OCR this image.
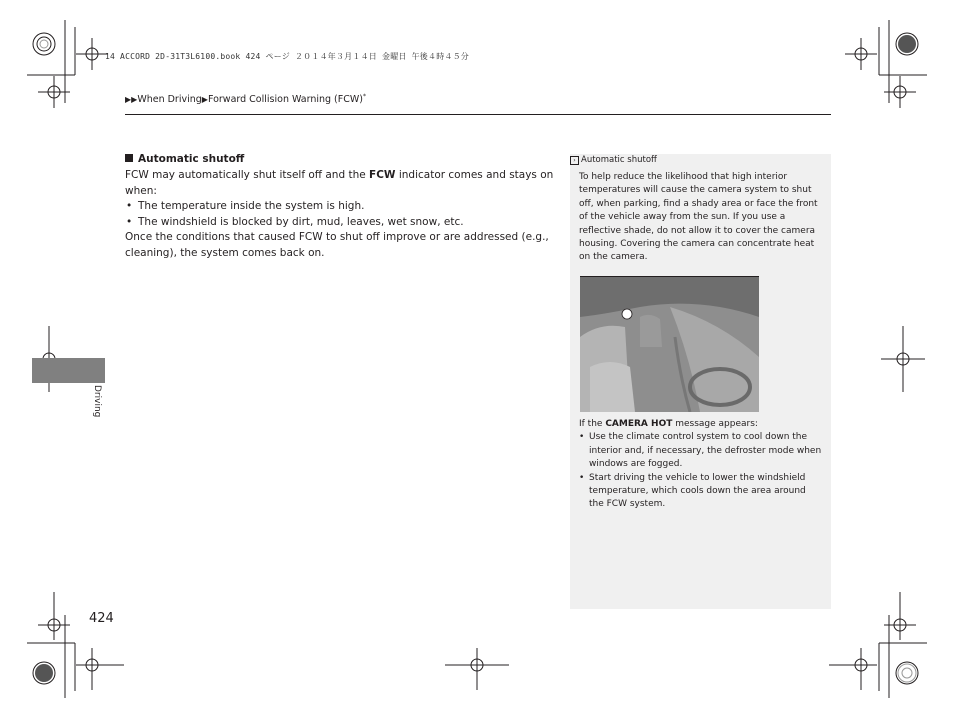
14 ACCORD 2D-31T3L6100.book 424 ページ ２０１４年３月１４日 金曜日 午後４時４５分
▶▶When Driving▶Forward Collision Warning (FCW)*
Automatic shutoff

FCW may automatically shut itself off and the FCW indicator comes and stays on when:

• The temperature inside the system is high.
• The windshield is blocked by dirt, mud, leaves, wet snow, etc.

Once the conditions that caused FCW to shut off improve or are addressed (e.g., cleaning), the system comes back on.

› Automatic shutoff
To help reduce the likelihood that high interior temperatures will cause the camera system to shut off, when parking, find a shady area or face the front of the vehicle away from the sun. If you use a reflective shade, do not allow it to cover the camera housing. Covering the camera can concentrate heat on the camera.

If the CAMERA HOT message appears:

• Use the climate control system to cool down the interior and, if necessary, the defroster mode when windows are fogged.
• Start driving the vehicle to lower the windshield temperature, which cools down the area around the FCW system.
Driving
424
